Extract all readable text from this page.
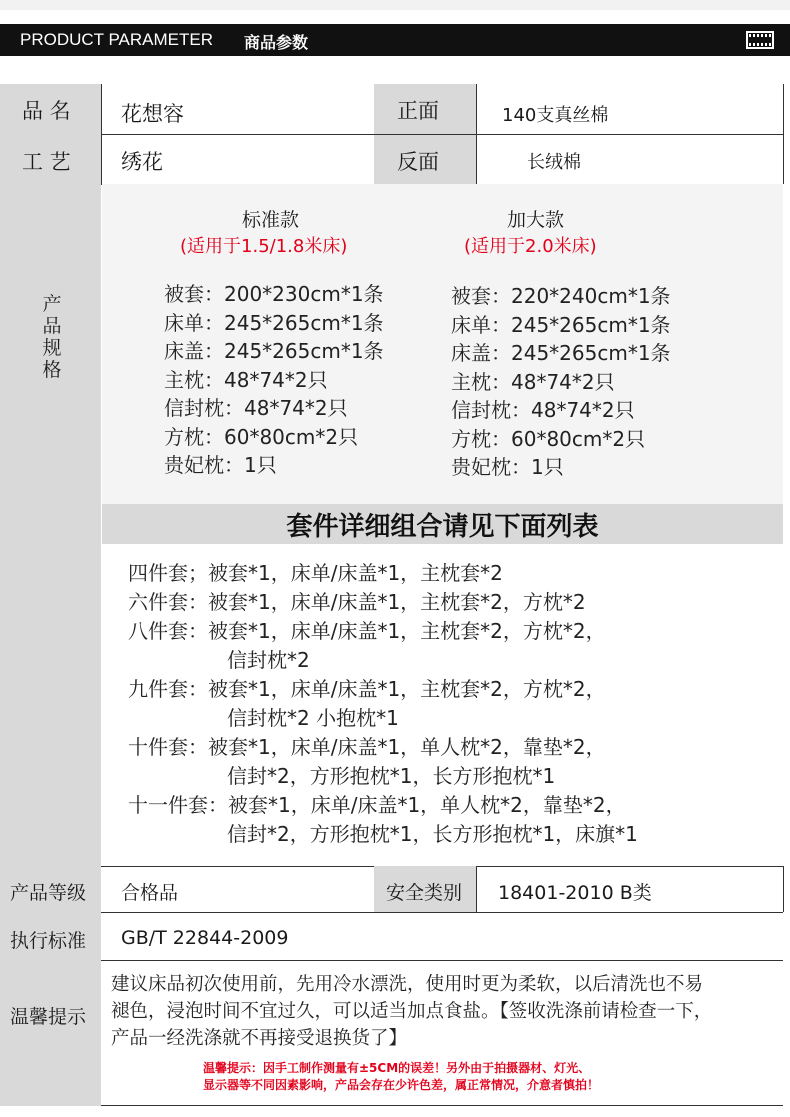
PRODUCT PARAMETER 商品参数
品 名 花想容	正面	140支真丝棉
工 艺 绣花	反面	长绒棉
产
品
规
格
标准款
(适用于1.5/1.8米床)
被套：200*230cm*1条
床单：245*265cm*1条
床盖：245*265cm*1条
主枕：48*74*2只
信封枕：48*74*2只
方枕：60*80cm*2只
贵妃枕：1只
加大款
(适用于2.0米床)
被套：220*240cm*1条
床单：245*265cm*1条
床盖：245*265cm*1条
主枕：48*74*2只
信封枕：48*74*2只
方枕：60*80cm*2只
贵妃枕：1只
套件详细组合请见下面列表
四件套；被套*1，床单/床盖*1，主枕套*2
六件套：被套*1，床单/床盖*1，主枕套*2，方枕*2
八件套：被套*1，床单/床盖*1，主枕套*2，方枕*2，
信封枕*2
九件套：被套*1，床单/床盖*1，主枕套*2，方枕*2，
信封枕*2 小抱枕*1
十件套：被套*1，床单/床盖*1，单人枕*2，靠垫*2，
信封*2，方形抱枕*1，长方形抱枕*1
十一件套：被套*1，床单/床盖*1，单人枕*2，靠垫*2，
信封*2，方形抱枕*1，长方形抱枕*1，床旗*1
产品等级 合格品	安全类别 18401-2010 B类
执行标准 GB/T 22844-2009
温馨提示
建议床品初次使用前，先用冷水漂洗，使用时更为柔软，以后清洗也不易
褪色，浸泡时间不宜过久，可以适当加点食盐。【签收洗涤前请检查一下，
产品一经洗涤就不再接受退换货了】
温馨提示：因手工制作测量有±5CM的误差！另外由于拍摄器材、灯光、
显示器等不同因素影响，产品会存在少许色差，属正常情况，介意者慎拍！
